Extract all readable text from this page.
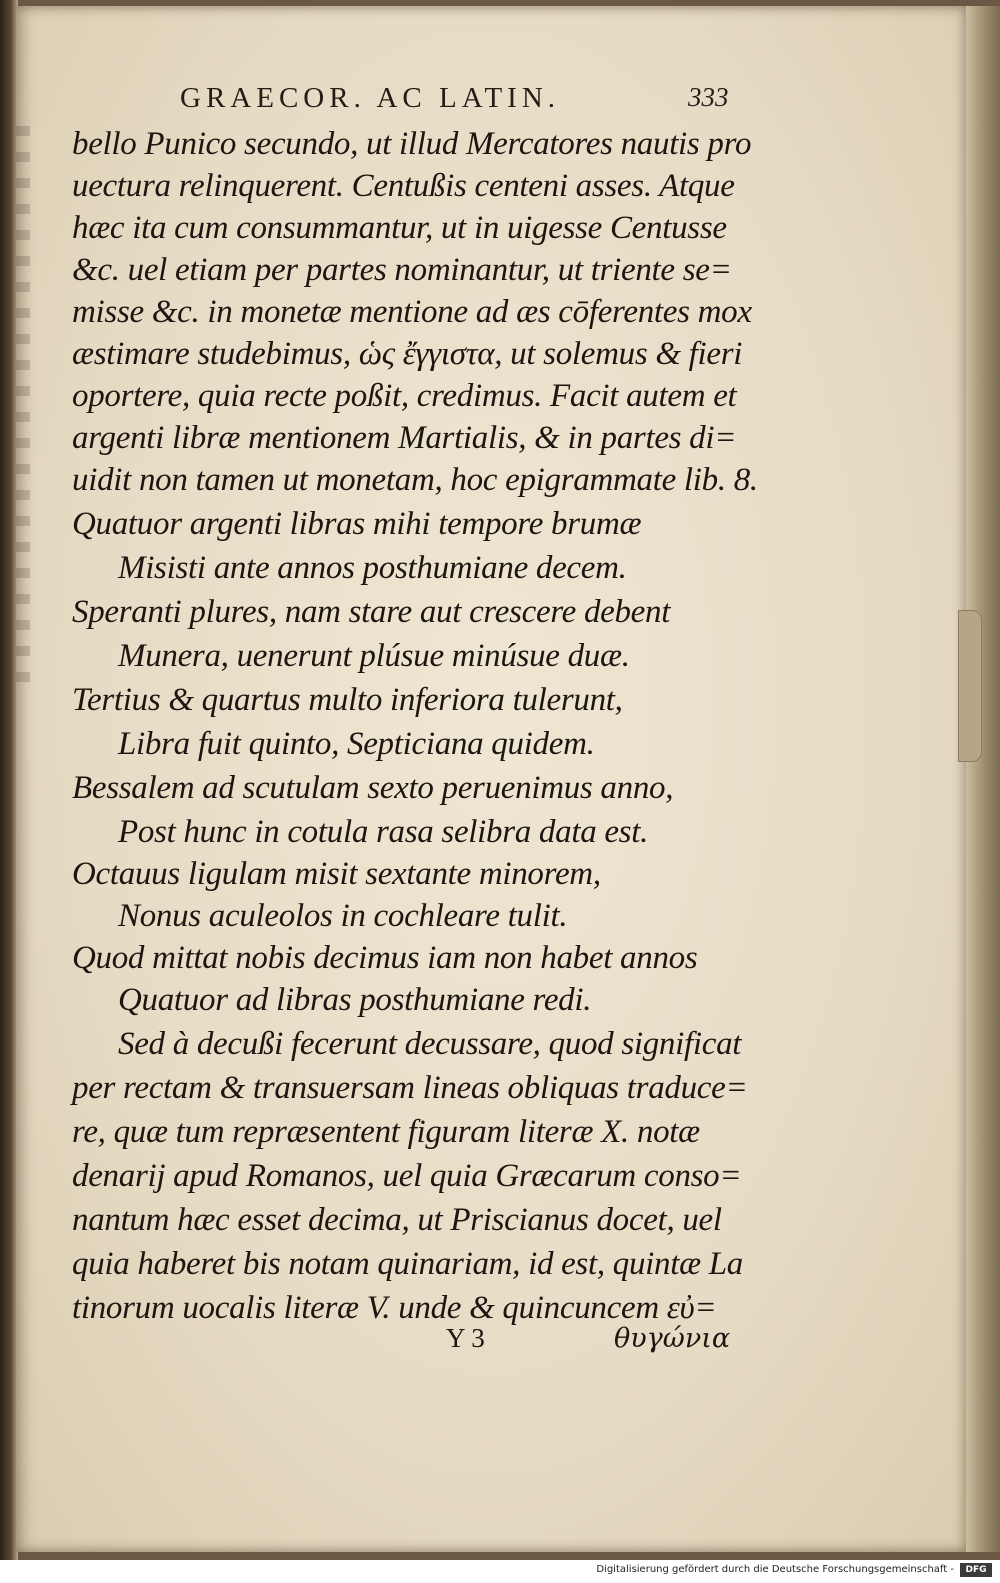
GRAECOR. AC LATIN.	333
bello Punico secundo, ut illud Mercatores nautis pro
uectura relinquerent. Centußis centeni asses. Atque
hæc ita cum consummantur, ut in uigesse Centusse
&c. uel etiam per partes nominantur, ut triente se=
misse &c. in monetæ mentione ad æs cōferentes mox
æstimare studebimus, ὡς ἔγγιστα, ut solemus & fieri
oportere, quia recte poßit, credimus. Facit autem et
argenti libræ mentionem Martialis, & in partes di=
uidit non tamen ut monetam, hoc epigrammate lib. 8.
Quatuor argenti libras mihi tempore brumæ
Misisti ante annos posthumiane decem.
Speranti plures, nam stare aut crescere debent
Munera, uenerunt plúsue minúsue duæ.
Tertius & quartus multo inferiora tulerunt,
Libra fuit quinto, Septiciana quidem.
Bessalem ad scutulam sexto peruenimus anno,
Post hunc in cotula rasa selibra data est.
Octauus ligulam misit sextante minorem,
Nonus aculeolos in cochleare tulit.
Quod mittat nobis decimus iam non habet annos
Quatuor ad libras posthumiane redi.
Sed à decußi fecerunt decussare, quod significat
per rectam & transuersam lineas obliquas traduce=
re, quæ tum repræsentent figuram literæ X. notæ
denarij apud Romanos, uel quia Græcarum conso=
nantum hæc esset decima, ut Priscianus docet, uel
quia haberet bis notam quinariam, id est, quintæ La
tinorum uocalis literæ V. unde & quincuncem εὐ=
Y 3	θυγώνια
Digitalisierung gefördert durch die Deutsche Forschungsgemeinschaft -	DFG
